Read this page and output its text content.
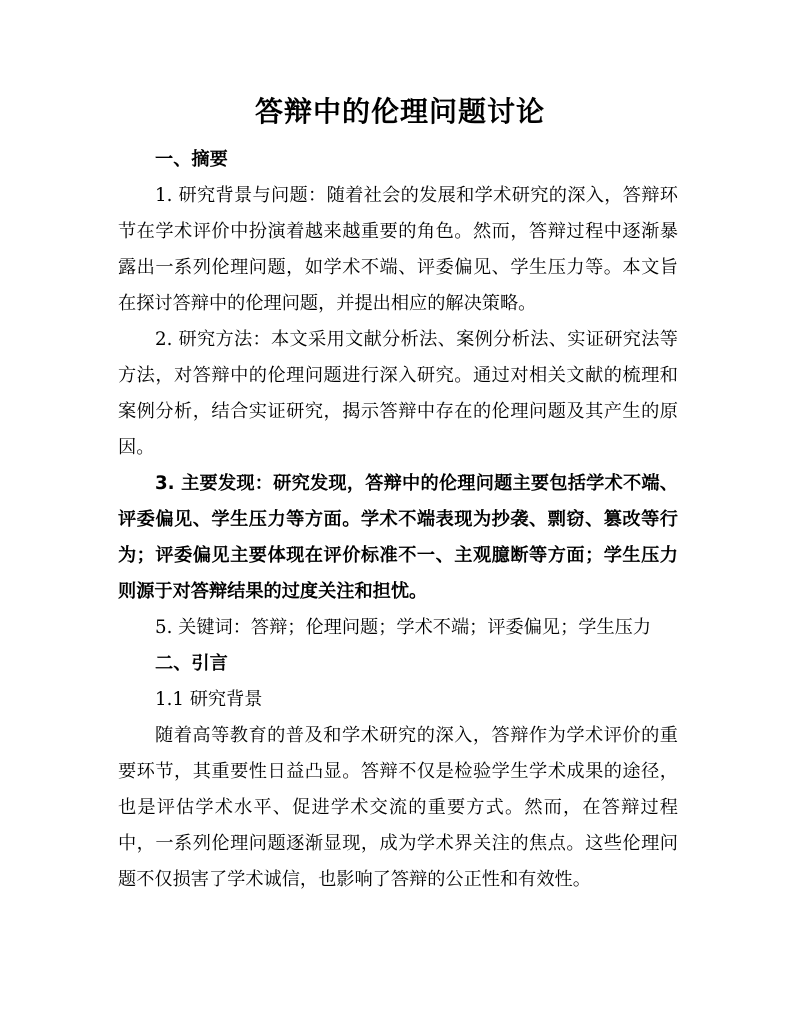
答辩中的伦理问题讨论

一、摘要

1. 研究背景与问题：随着社会的发展和学术研究的深入，答辩环节在学术评价中扮演着越来越重要的角色。然而，答辩过程中逐渐暴露出一系列伦理问题，如学术不端、评委偏见、学生压力等。本文旨在探讨答辩中的伦理问题，并提出相应的解决策略。

2. 研究方法：本文采用文献分析法、案例分析法、实证研究法等方法，对答辩中的伦理问题进行深入研究。通过对相关文献的梳理和案例分析，结合实证研究，揭示答辩中存在的伦理问题及其产生的原因。

3. 主要发现：研究发现，答辩中的伦理问题主要包括学术不端、评委偏见、学生压力等方面。学术不端表现为抄袭、剽窃、篡改等行为；评委偏见主要体现在评价标准不一、主观臆断等方面；学生压力则源于对答辩结果的过度关注和担忧。

5. 关键词：答辩；伦理问题；学术不端；评委偏见；学生压力

二、引言

1.1 研究背景

随着高等教育的普及和学术研究的深入，答辩作为学术评价的重要环节，其重要性日益凸显。答辩不仅是检验学生学术成果的途径，也是评估学术水平、促进学术交流的重要方式。然而，在答辩过程中，一系列伦理问题逐渐显现，成为学术界关注的焦点。这些伦理问题不仅损害了学术诚信，也影响了答辩的公正性和有效性。
